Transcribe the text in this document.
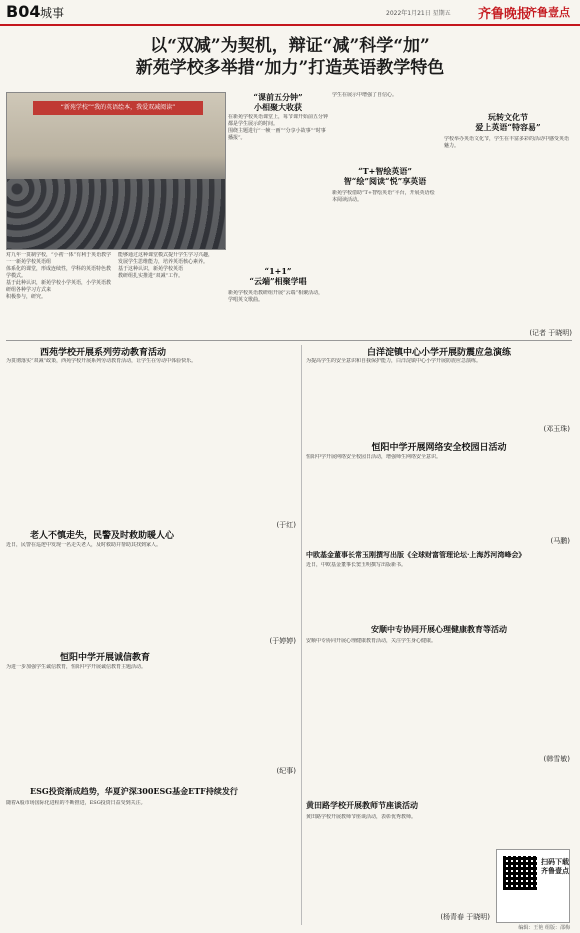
B04 城事	2022年1月21日 星期五 齐鲁晚报
齐鲁壹点
以“双减”为契机，辩证“减”科学“加”
新苑学校多举措“加力”打造英语教学特色
“新苑学校”“我的英语绘本，我爱双减阅读”
对九年一贯制学校，“小初一体”有利于英语教学一一新苑学校英语组
体系化的课堂，形成连续性，学科的英语特色教学模式。
基于此种认识，新苑学校小学英语，小学英语教研组各种学习方式来
积极参与，研究。
能够通过这种课堂模式提升学生学习兴趣，
发展学生思维能力，培养英语核心素养。
基于这种认识，新苑学校英语
教研组扎实推进“双减”工作。
“课前五分钟”
小相聚大收获
在新苑学校英语课堂上，每节课开始前五分钟都是学生展示的时间。
围绕主题进行“一帧一画”“分享小故事”“时事播报”。
“1+1”
“云端”相聚学唱
新苑学校英语教研组开展“云端”相聚活动，学唱英文歌曲。
学生在展示中增强了自信心。
“T+智绘英语”
智“绘”阅读“悦”享英语
新苑学校借助“T+智绘英语”平台，开展英语绘本阅读活动。
玩转文化节
爱上英语“特容易”
学校举办英语文化节，学生在丰富多彩的活动中感受英语魅力。
(记者 于晓明)
西苑学校开展系列劳动教育活动
为贯彻落实“双减”政策，西苑学校开展系列劳动教育活动，让学生在劳动中体验快乐。
(于红)
白洋淀镇中心小学开展防震应急演练
为提高学生的安全意识和自我保护能力，白洋淀镇中心小学开展防震应急演练。
(邓玉珠)
老人不慎走失，民警及时救助暖人心
近日，民警在巡逻中发现一名走失老人，及时救助并帮助其找到家人。
(于婷婷)
恒阳中学开展网络安全校园日活动
恒阳中学开展网络安全校园日活动，增强师生网络安全意识。
(马鹏)
中欧基金董事长常玉刚撰写出版《全球财富管理论坛·上海苏河湾峰会》
近日，中欧基金董事长窦玉明撰写出版新书。
恒阳中学开展诚信教育
为进一步加强学生诚信教育，恒阳中学开展诚信教育主题活动。
(纪事)
安顺中专协同开展心理健康教育等活动
安顺中专协同开展心理健康教育活动，关注学生身心健康。
(韩雪敏)
ESG投资渐成趋势，华夏沪深300ESG基金ETF持续发行
随着A股市场国际化进程的不断推进，ESG投资日益受到关注。	黄田路学校开展教师节座谈活动
黄田路学校开展教师节座谈活动，表彰优秀教师。
(杨青春 于晓明)
扫码下载齐鲁壹点
编辑：王艳 组版：邵梅
